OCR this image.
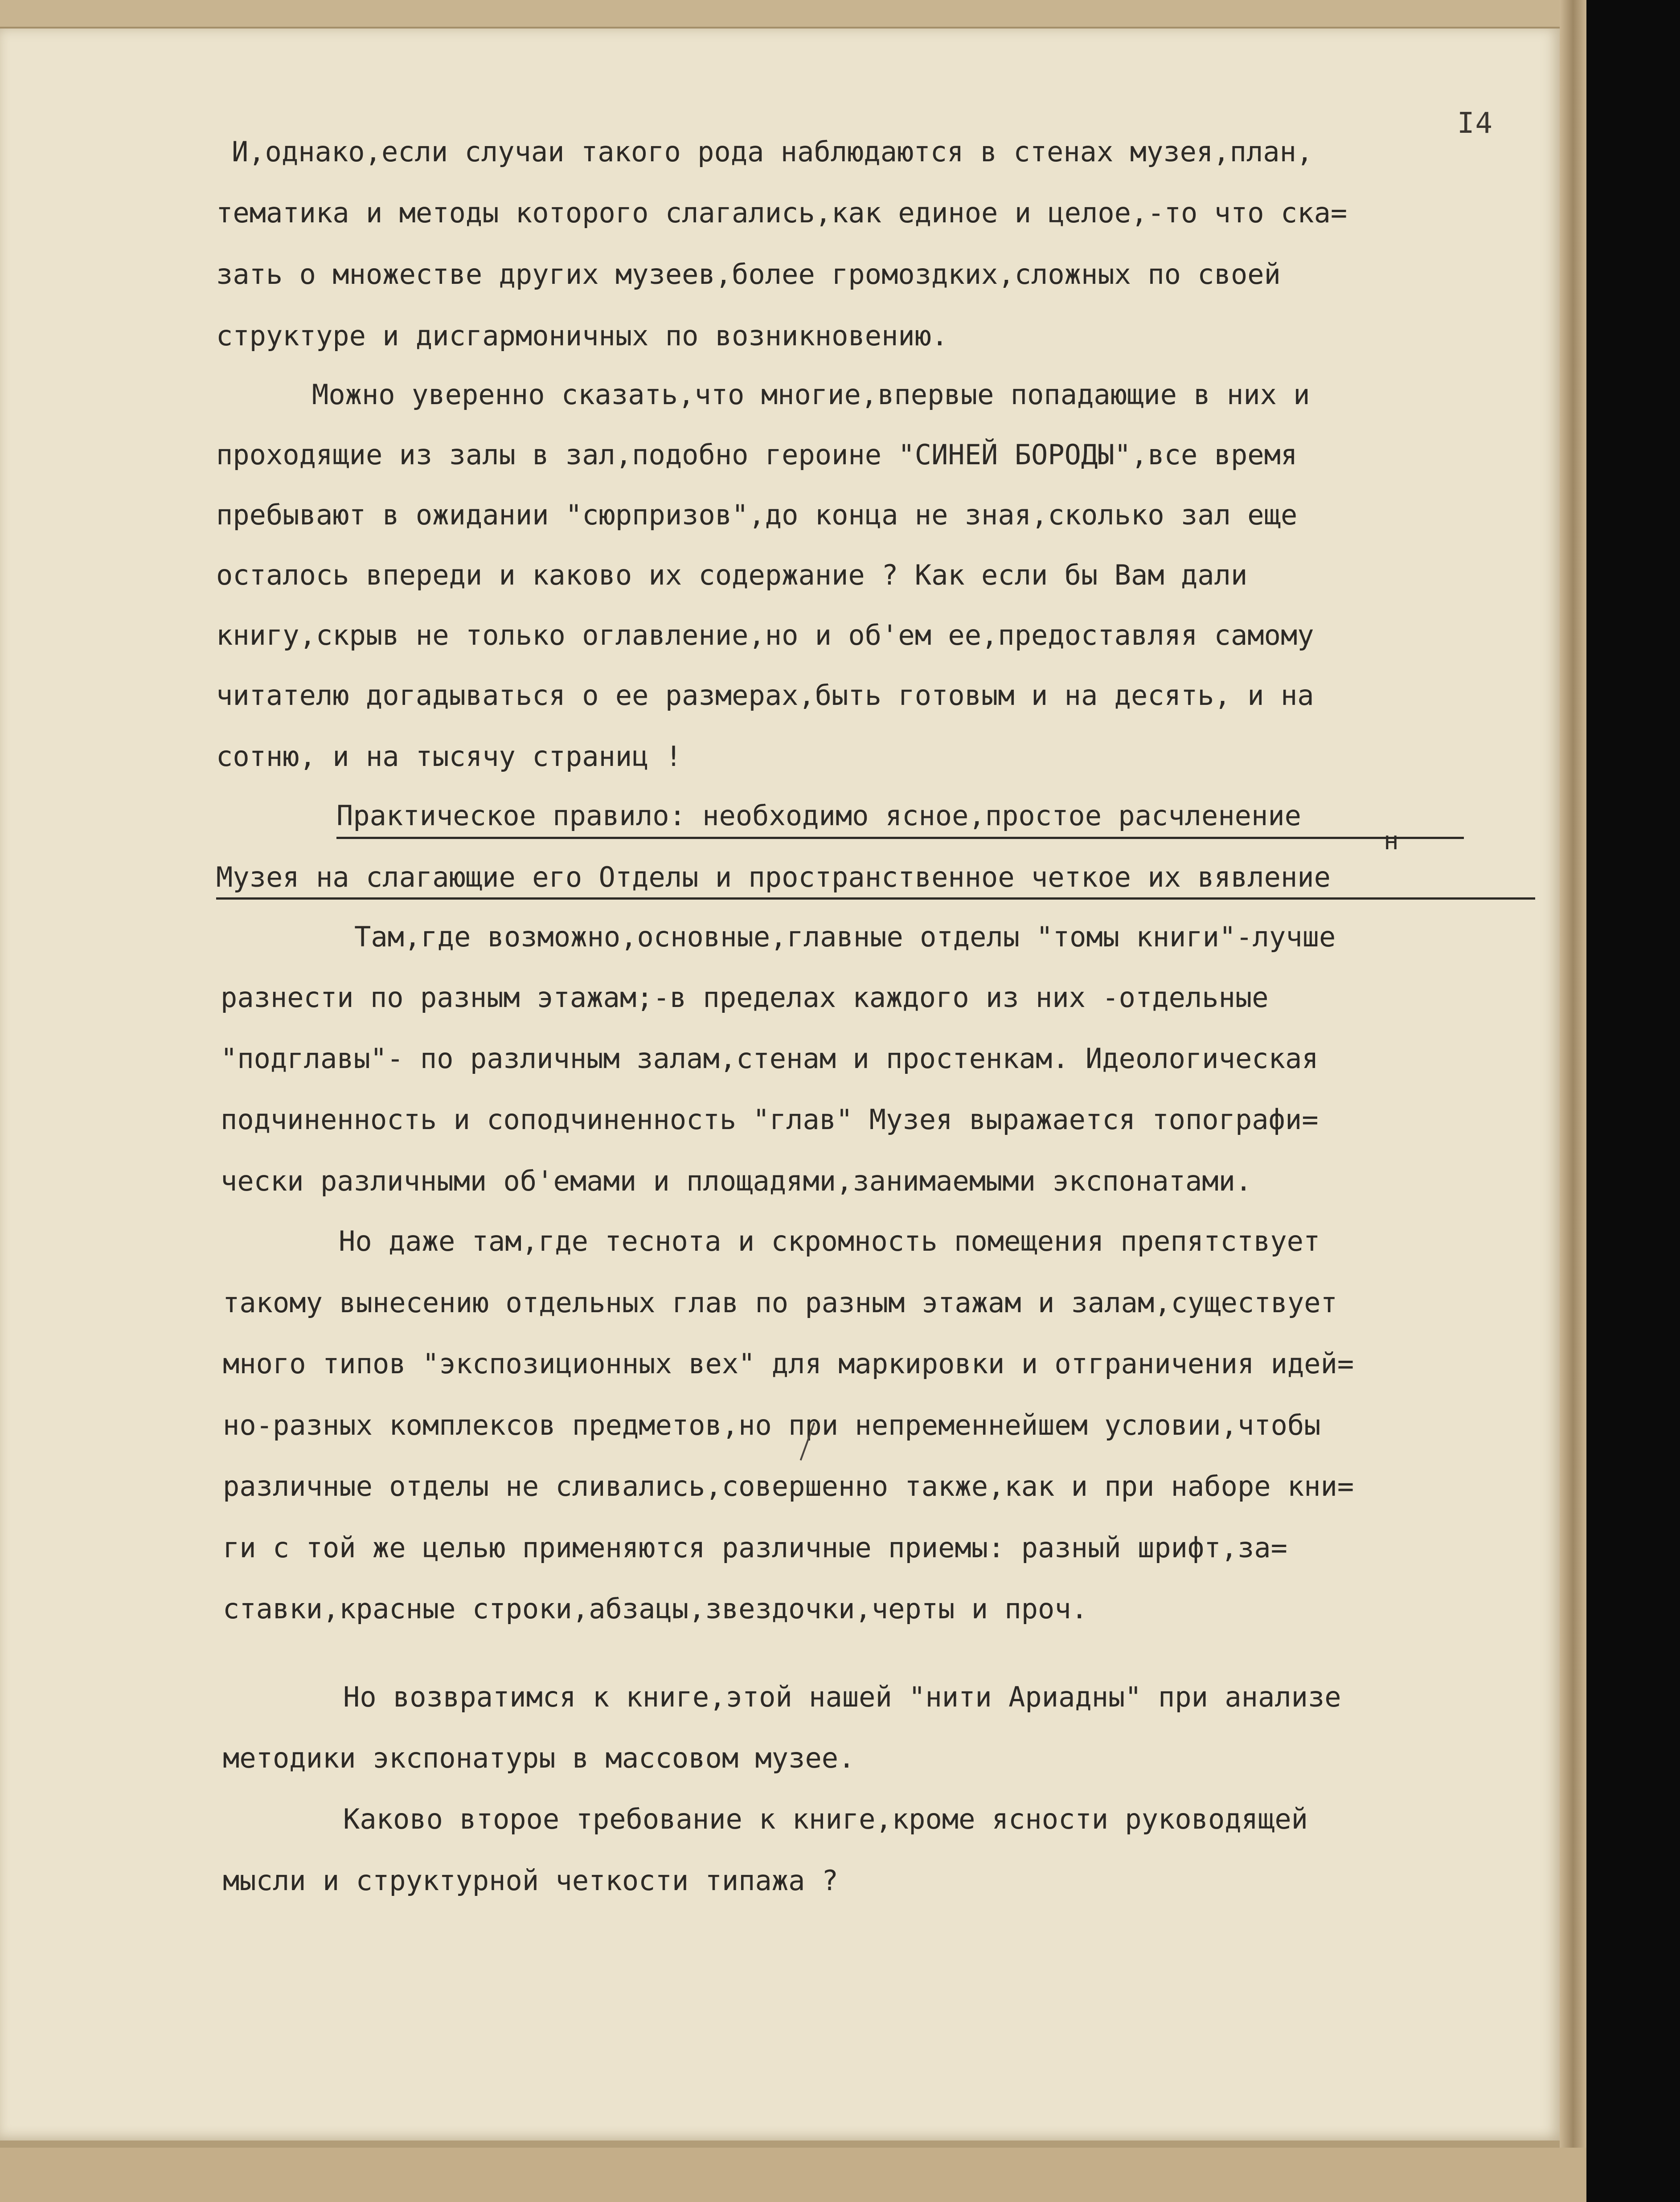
I4
И,однако,если случаи такого рода наблюдаются в стенах музея,план,
тематика и методы которого слагались,как единое и целое,-то что ска=
зать о множестве других музеев,более громоздких,сложных по своей
структуре и дисгармоничных по возникновению.
Можно уверенно сказать,что многие,впервые попадающие в них и
проходящие из залы в зал,подобно героине "СИНЕЙ БОРОДЫ",все время
пребывают в ожидании "сюрпризов",до конца не зная,сколько зал еще
осталось впереди и каково их содержание ? Как если бы Вам дали
книгу,скрыв не только оглавление,но и об'ем ее,предоставляя самому
читателю догадываться о ее размерах,быть готовым и на десять, и на
сотню, и на тысячу страниц !
Практическое правило: необходимо ясное,простое расчленение
н
Музея на слагающие его Отделы и пространственное четкое их вявление
Там,где возможно,основные,главные отделы "томы книги"-лучше
разнести по разным этажам;-в пределах каждого из них -отдельные
"подглавы"- по различным залам,стенам и простенкам. Идеологическая
подчиненность и соподчиненность "глав" Музея выражается топографи=
чески различными об'емами и площадями,занимаемыми экспонатами.
Но даже там,где теснота и скромность помещения препятствует
такому вынесению отдельных глав по разным этажам и залам,существует
много типов "экспозиционных вех" для маркировки и отграничения идей=
но-разных комплексов предметов,но при непременнейшем условии,чтобы
различные отделы не сливались,совершенно также,как и при наборе кни=
ги с той же целью применяются различные приемы: разный шрифт,за=
ставки,красные строки,абзацы,звездочки,черты и проч.
Но возвратимся к книге,этой нашей "нити Ариадны" при анализе
методики экспонатуры в массовом музее.
Каково второе требование к книге,кроме ясности руководящей
мысли и структурной четкости типажа ?
